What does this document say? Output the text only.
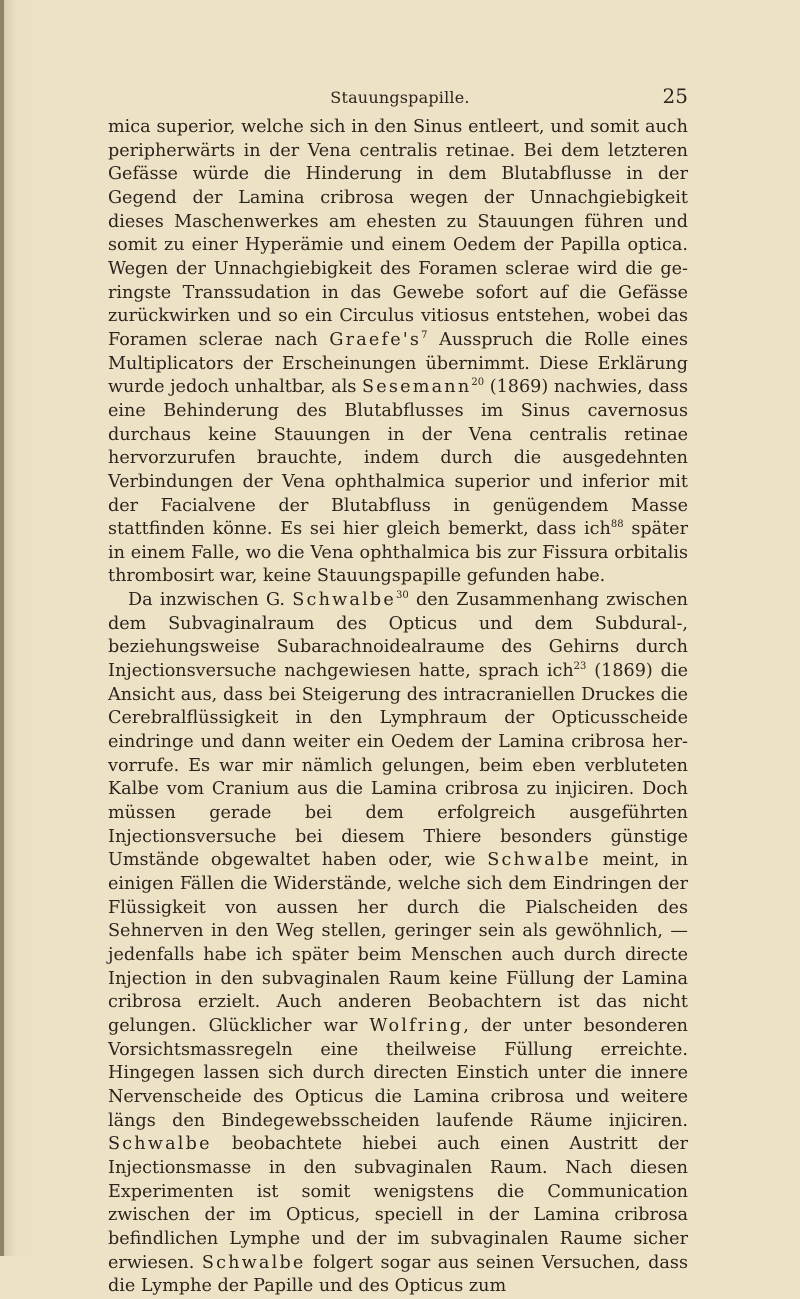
Stauungspapille.	25

mica superior, welche sich in den Sinus entleert, und somit auch peripherwärts in der Vena centralis retinae. Bei dem letzteren Gefässe würde die Hinderung in dem Blutabflusse in der Gegend der Lamina cribrosa wegen der Unnachgiebigkeit dieses Maschenwerkes am ehesten zu Stauungen führen und somit zu einer Hyperämie und einem Oedem der Papilla optica. Wegen der Unnachgiebigkeit des Foramen sclerae wird die geringste Transsudation in das Gewebe sofort auf die Gefässe zurückwirken und so ein Circulus vitiosus entstehen, wobei das Foramen sclerae nach $Graefe's^7$ Ausspruch die Rolle eines Multiplicators der Erscheinungen übernimmt. Diese Erklärung wurde jedoch unhaltbar, als Sesemann$^{20}$ (1869) nachwies, dass eine Behinderung des Blutabflusses im Sinus cavernosus durchaus keine Stauungen in der Vena centralis retinae hervorzurufen brauchte, indem durch die ausgedehnten Verbindungen der Vena ophthalmica superior und inferior mit der Facialvene der Blutabfluss in genügendem Masse stattfinden könne. Es sei hier gleich bemerkt, dass ich$^{88}$ später in einem Falle, wo die Vena ophthalmica bis zur Fissura orbitalis thrombosirt war, keine Stauungspapille gefunden habe.

Da inzwischen G. Schwalbe$^{30}$ den Zusammenhang zwischen dem Subvaginalraum des Opticus und dem Subdural-, beziehungsweise Subarachnoidealraume des Gehirns durch Injectionsversuche nachgewiesen hatte, sprach ich$^{23}$ (1869) die Ansicht aus, dass bei Steigerung des intracraniellen Druckes die Cerebralflüssigkeit in den Lymphraum der Opticusscheide eindringe und dann weiter ein Oedem der Lamina cribrosa hervorrufe. Es war mir nämlich gelungen, beim eben verbluteten Kalbe vom Cranium aus die Lamina cribrosa zu injiciren. Doch müssen gerade bei dem erfolgreich ausgeführten Injectionsversuche bei diesem Thiere besonders günstige Umstände obgewaltet haben oder, wie Schwalbe meint, in einigen Fällen die Widerstände, welche sich dem Eindringen der Flüssigkeit von aussen her durch die Pialscheiden des Sehnerven in den Weg stellen, geringer sein als gewöhnlich, — jedenfalls habe ich später beim Menschen auch durch directe Injection in den subvaginalen Raum keine Füllung der Lamina cribrosa erzielt. Auch anderen Beobachtern ist das nicht gelungen. Glücklicher war Wolfring, der unter besonderen Vorsichtsmassregeln eine theilweise Füllung erreichte. Hingegen lassen sich durch directen Einstich unter die innere Nervenscheide des Opticus die Lamina cribrosa und weitere längs den Bindegewebsscheiden laufende Räume injiciren. Schwalbe beobachtete hiebei auch einen Austritt der Injectionsmasse in den subvaginalen Raum. Nach diesen Experimenten ist somit wenigstens die Communication zwischen der im Opticus, speciell in der Lamina cribrosa befindlichen Lymphe und der im subvaginalen Raume sicher erwiesen. Schwalbe folgert sogar aus seinen Versuchen, dass die Lymphe der Papille und des Opticus zum
